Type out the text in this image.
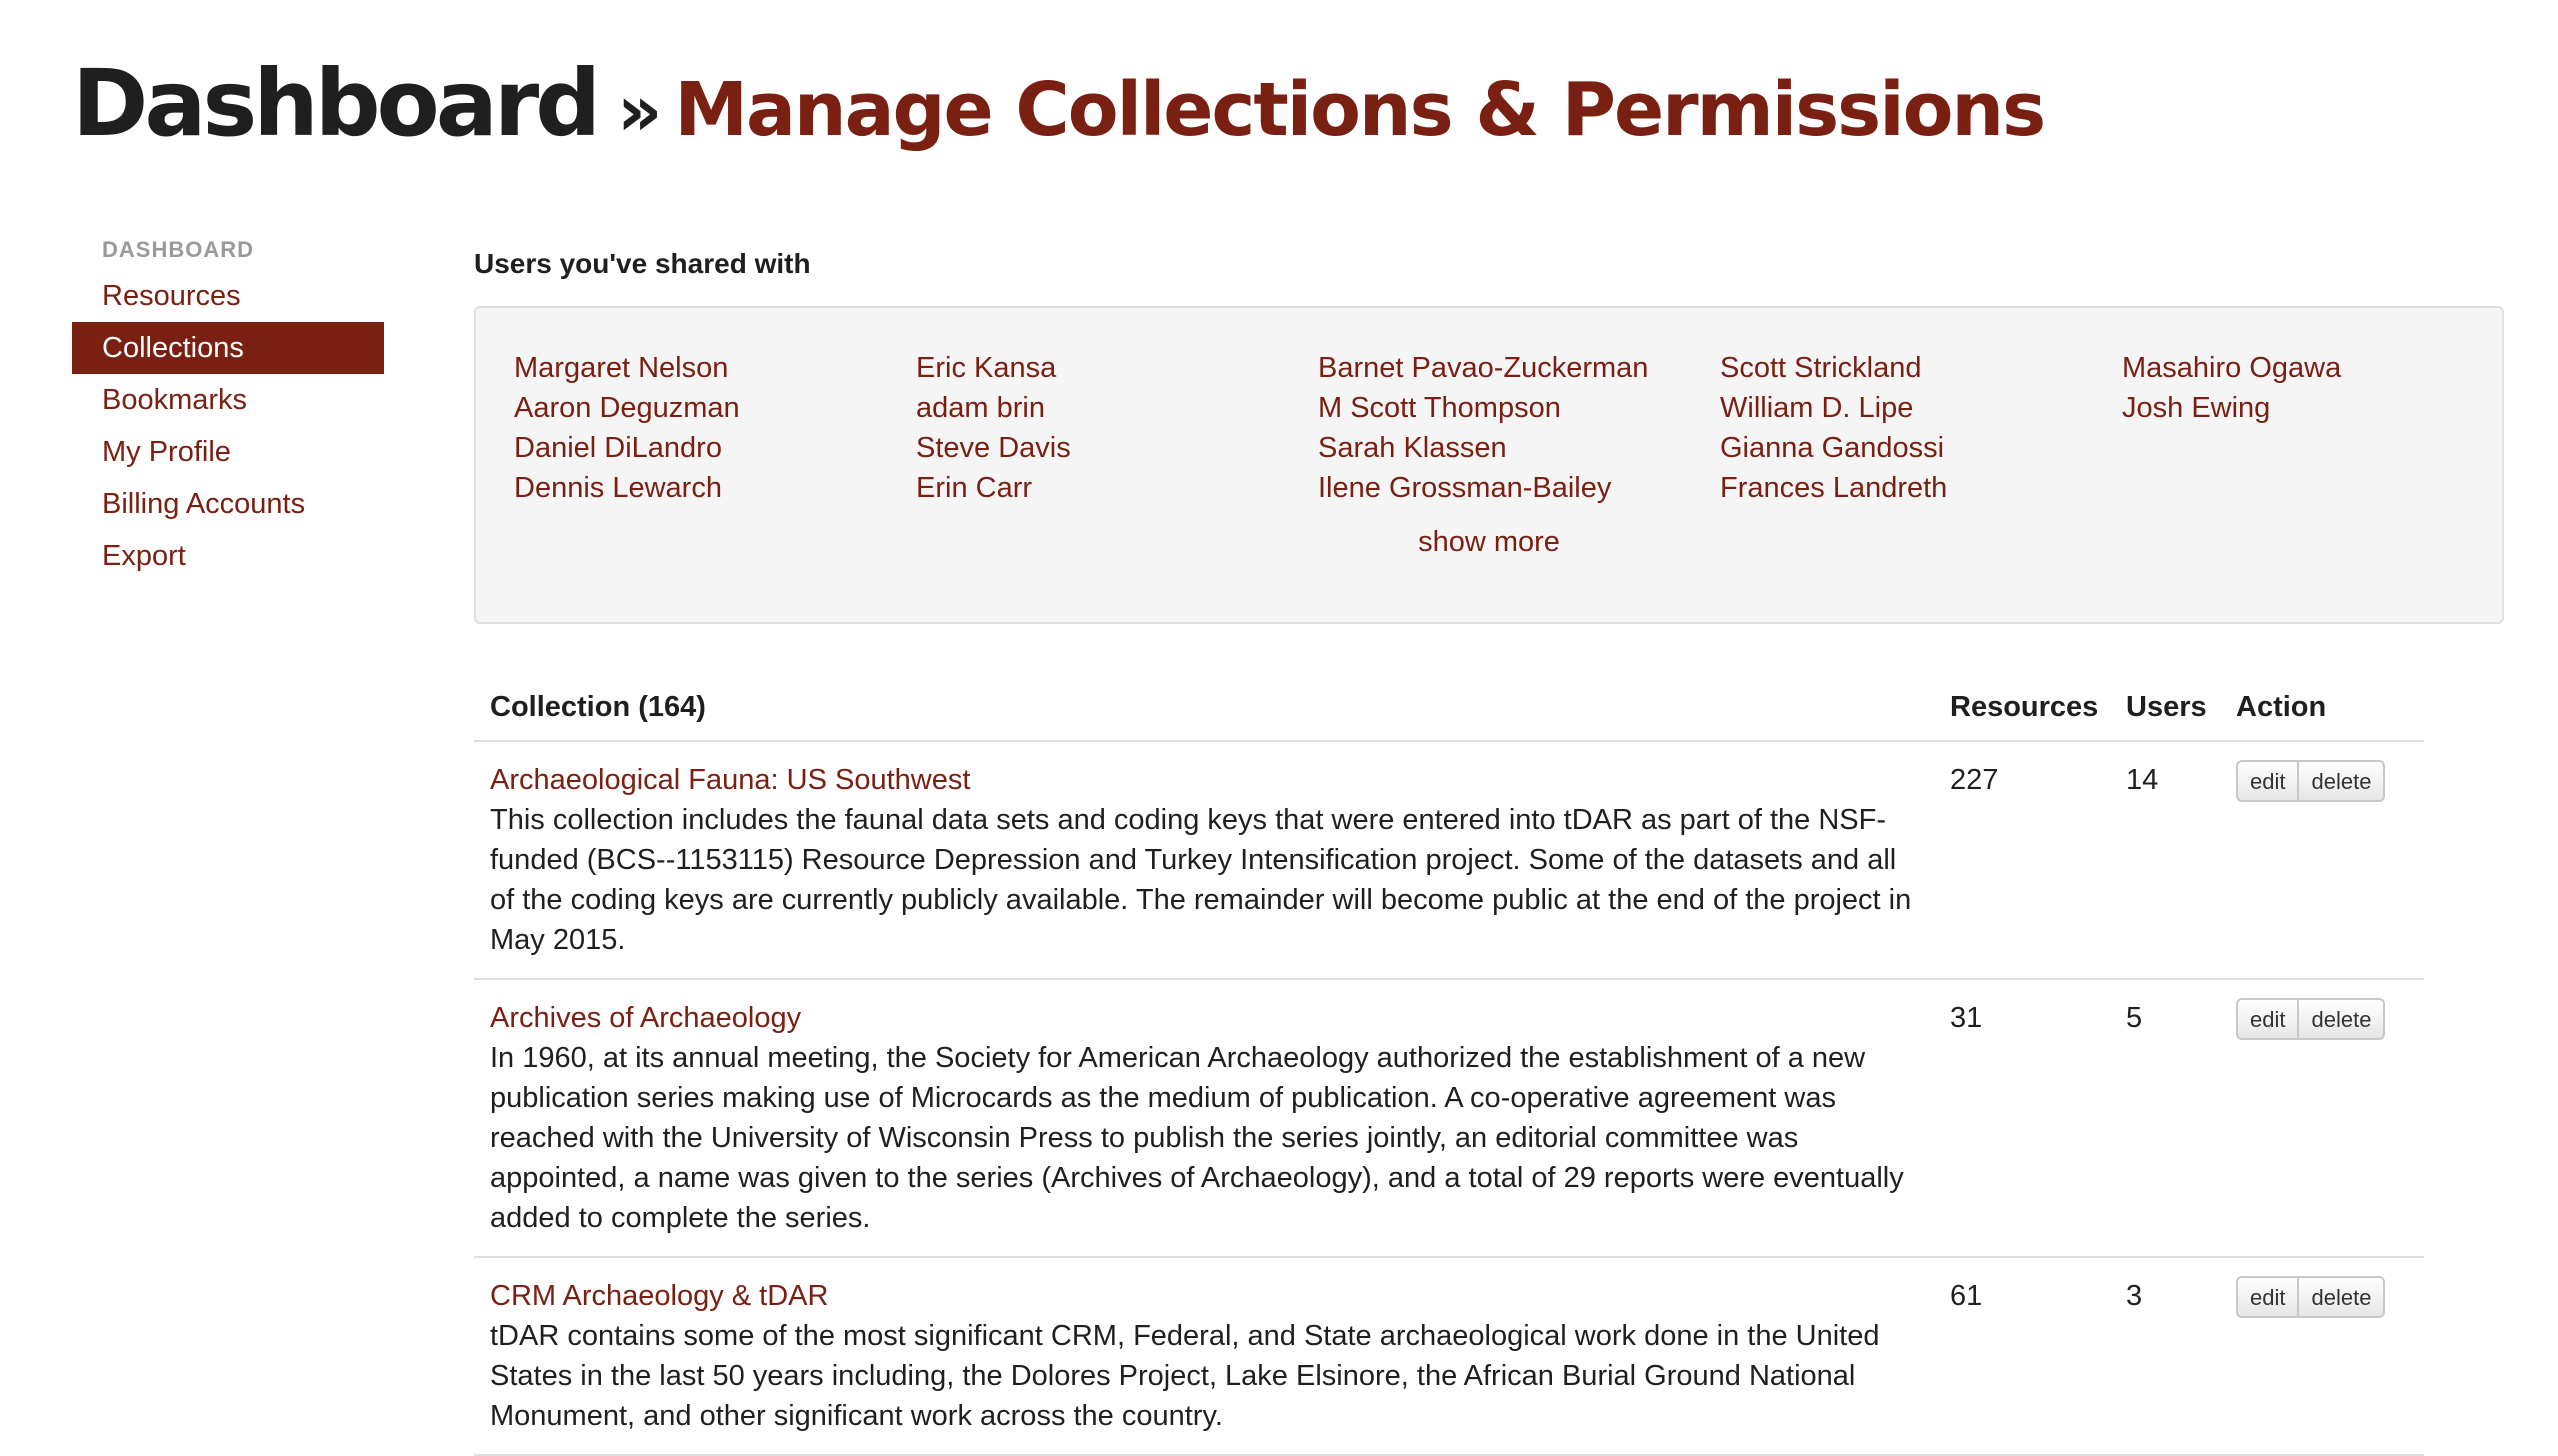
Dashboard » Manage Collections & Permissions
DASHBOARD
Resources
Collections
Bookmarks
My Profile
Billing Accounts
Export
Users you've shared with
Margaret Nelson
Aaron Deguzman
Daniel DiLandro
Dennis Lewarch
Eric Kansa
adam brin
Steve Davis
Erin Carr
Barnet Pavao-Zuckerman
M Scott Thompson
Sarah Klassen
Ilene Grossman-Bailey
Scott Strickland
William D. Lipe
Gianna Gandossi
Frances Landreth
Masahiro Ogawa
Josh Ewing
show more
Collection (164)	Resources	Users	Action

Archaeological Fauna: US Southwest
This collection includes the faunal data sets and coding keys that were entered into tDAR as part of the NSF-funded (BCS--1153115) Resource Depression and Turkey Intensification project. Some of the datasets and all of the coding keys are currently publicly available. The remainder will become public at the end of the project in May 2015.	227	14	edit delete

Archives of Archaeology
In 1960, at its annual meeting, the Society for American Archaeology authorized the establishment of a new publication series making use of Microcards as the medium of publication. A co-operative agreement was reached with the University of Wisconsin Press to publish the series jointly, an editorial committee was appointed, a name was given to the series (Archives of Archaeology), and a total of 29 reports were eventually added to complete the series.	31	5	edit delete

CRM Archaeology & tDAR
tDAR contains some of the most significant CRM, Federal, and State archaeological work done in the United States in the last 50 years including, the Dolores Project, Lake Elsinore, the African Burial Ground National Monument, and other significant work across the country.	61	3	edit delete
